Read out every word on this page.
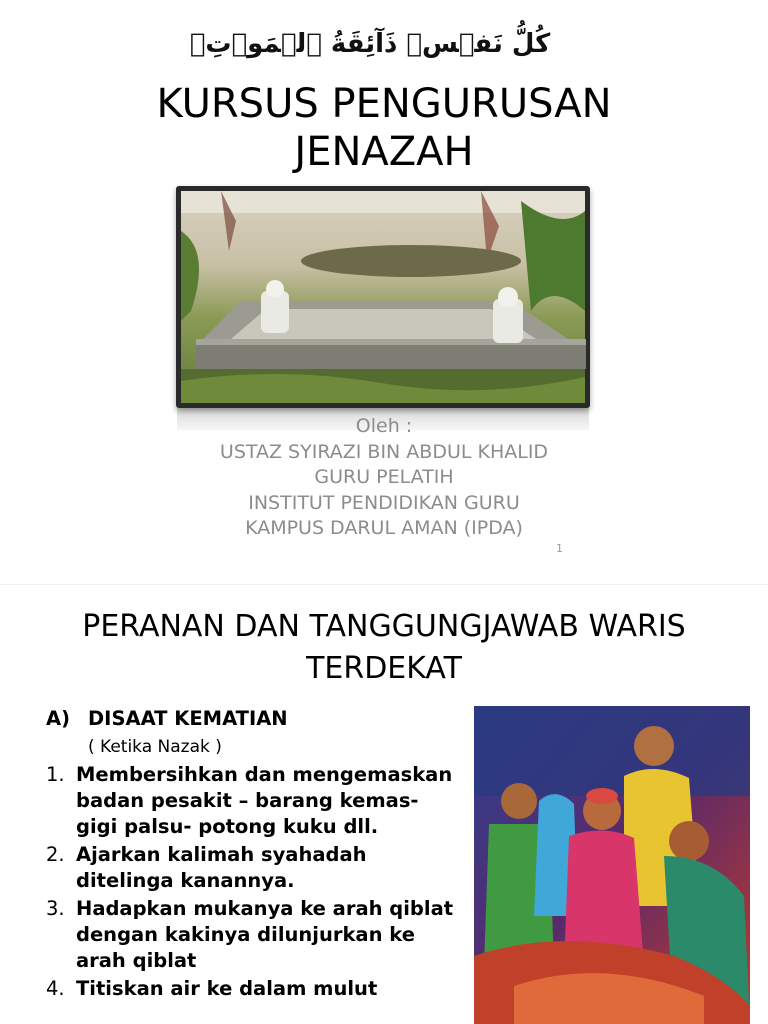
كُلُّ نَفۡسٖ ذَآئِقَةُ ٱلۡمَوۡتِۗ
KURSUS PENGURUSAN
JENAZAH
Oleh :
USTAZ SYIRAZI BIN ABDUL KHALID
GURU PELATIH
INSTITUT PENDIDIKAN GURU
KAMPUS DARUL AMAN (IPDA)
1
PERANAN DAN TANGGUNGJAWAB WARIS
TERDEKAT
A) DISAAT KEMATIAN
( Ketika Nazak )
1. Membersihkan dan mengemaskan badan pesakit – barang kemas- gigi palsu- potong kuku dll.
2. Ajarkan kalimah syahadah ditelinga kanannya.
3. Hadapkan mukanya ke arah qiblat dengan kakinya dilunjurkan ke arah qiblat
4. Titiskan air ke dalam mulut
